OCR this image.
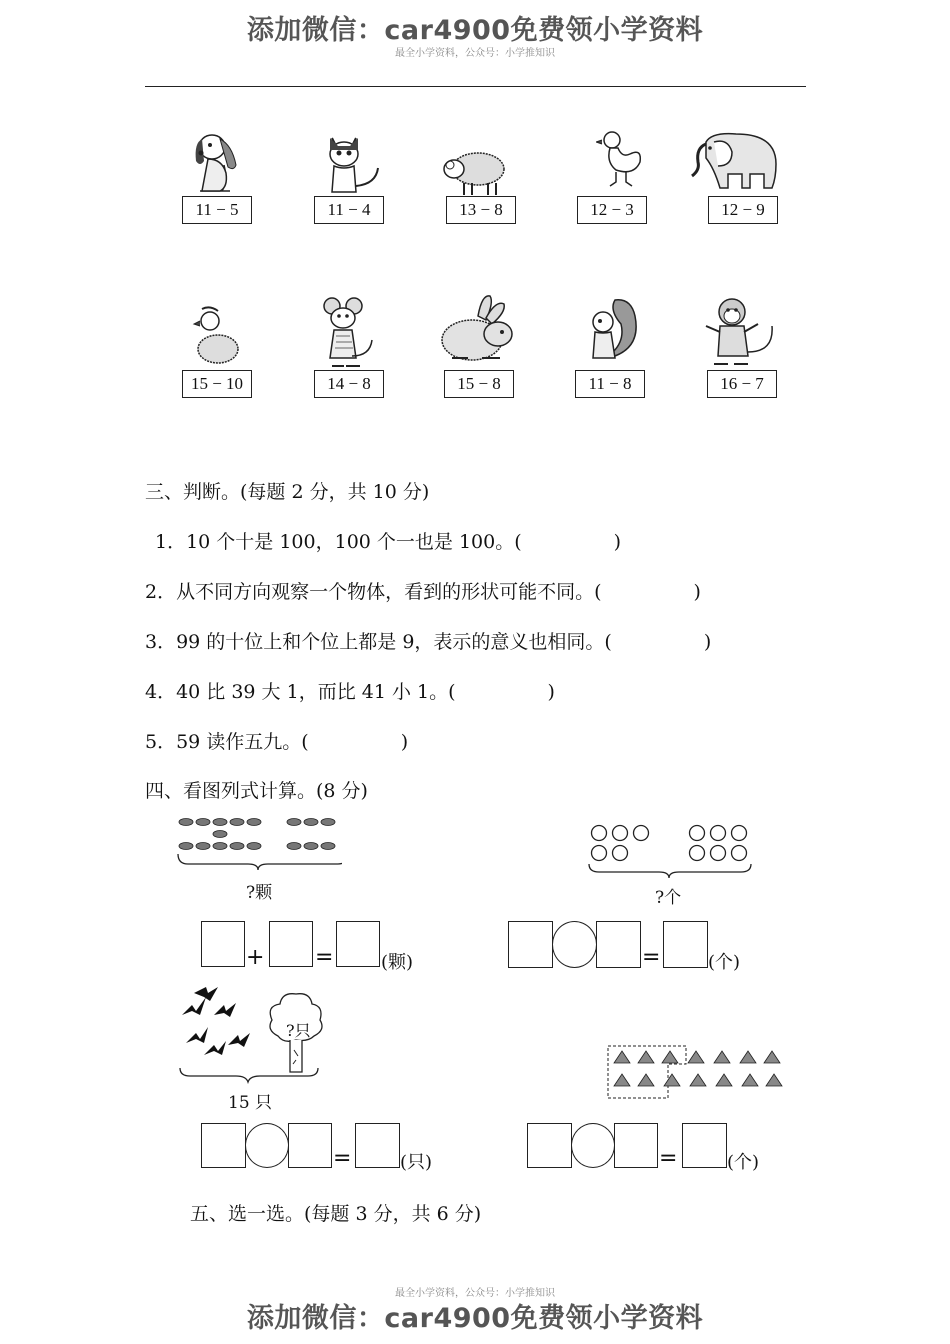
添加微信：car4900免费领小学资料
最全小学资料，公众号：小学推知识
11 − 5	11 − 4	13 − 8	12 − 3	12 − 9
15 − 10	14 − 8	15 − 8	11 − 8	16 − 7
三、判断。(每题 2 分，共 10 分)
1．10 个十是 100，100 个一也是 100。(	)
2．从不同方向观察一个物体，看到的形状可能不同。(	)
3．99 的十位上和个位上都是 9，表示的意义也相同。(	)
4．40 比 39 大 1，而比 41 小 1。(	)
5．59 读作五九。(	)
四、看图列式计算。(8 分)
?颗
+ =	(颗)
?个
=	(个)
?只
15 只
=	(只)	=	(个)
五、选一选。(每题 3 分，共 6 分)
最全小学资料，公众号：小学推知识
添加微信：car4900免费领小学资料
